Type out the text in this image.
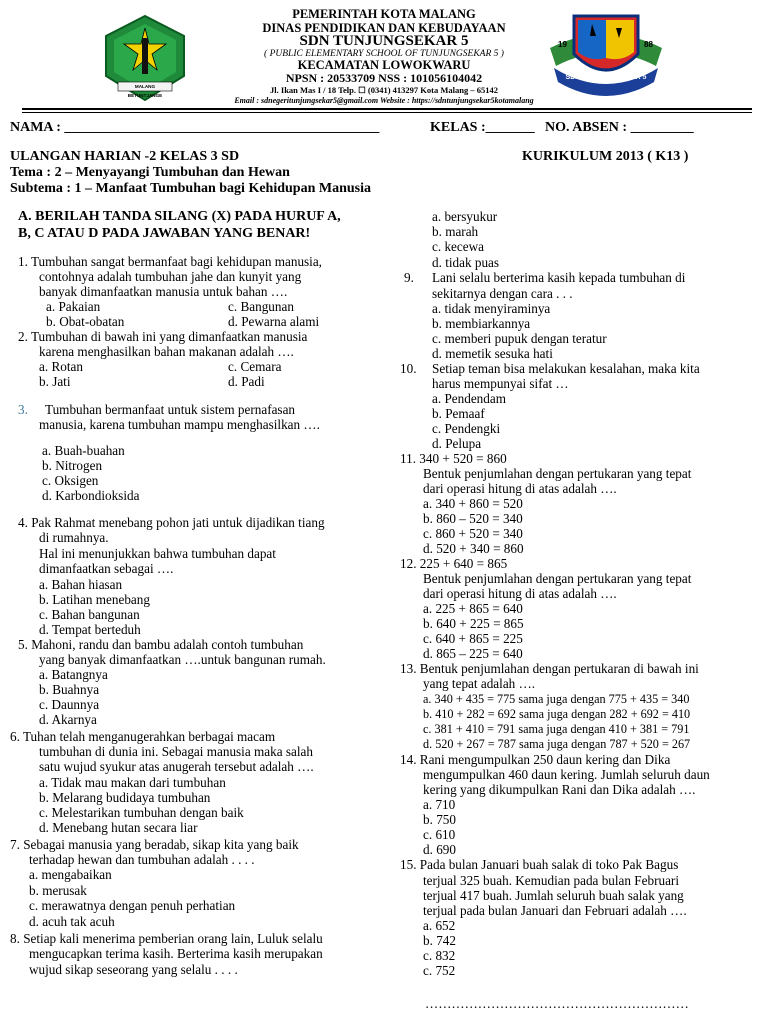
MALANG BETUNTJANGE
19	88
SDN TUNJUNGSEKAR 5
PEMERINTAH KOTA MALANG
DINAS PENDIDIKAN DAN KEBUDAYAAN
SDN TUNJUNGSEKAR 5
( PUBLIC ELEMENTARY SCHOOL OF TUNJUNGSEKAR 5 )
KECAMATAN LOWOKWARU
NPSN : 20533709 NSS : 101056104042
Jl. Ikan Mas I / 18 Telp. ☐ (0341) 413297 Kota Malang – 65142
Email : sdnegeritunjungsekar5@gmail.com Website : https://sdntunjungsekar5kotamalang
NAMA : _____________________________________________	KELAS :_______ NO. ABSEN : _________
ULANGAN HARIAN -2 KELAS 3 SD	KURIKULUM 2013 ( K13 )
Tema : 2 – Menyayangi Tumbuhan dan Hewan
Subtema : 1 – Manfaat Tumbuhan bagi Kehidupan Manusia
A. BERILAH TANDA SILANG (X) PADA HURUF A,
B, C ATAU D PADA JAWABAN YANG BENAR!
1. Tumbuhan sangat bermanfaat bagi kehidupan manusia,
contohnya adalah tumbuhan jahe dan kunyit yang
banyak dimanfaatkan manusia untuk bahan ….
a. Pakaian	c. Bangunan
b. Obat-obatan	d. Pewarna alami
2. Tumbuhan di bawah ini yang dimanfaatkan manusia
karena menghasilkan bahan makanan adalah ….
a. Rotan	c. Cemara
b. Jati	d. Padi
3. Tumbuhan bermanfaat untuk sistem pernafasan
manusia, karena tumbuhan mampu menghasilkan ….
a. Buah-buahan
b. Nitrogen
c. Oksigen
d. Karbondioksida
4. Pak Rahmat menebang pohon jati untuk dijadikan tiang
di rumahnya.
Hal ini menunjukkan bahwa tumbuhan dapat
dimanfaatkan sebagai ….
a. Bahan hiasan
b. Latihan menebang
c. Bahan bangunan
d. Tempat berteduh
5. Mahoni, randu dan bambu adalah contoh tumbuhan
yang banyak dimanfaatkan ….untuk bangunan rumah.
a. Batangnya
b. Buahnya
c. Daunnya
d. Akarnya
6. Tuhan telah menganugerahkan berbagai macam
tumbuhan di dunia ini. Sebagai manusia maka salah
satu wujud syukur atas anugerah tersebut adalah ….
a. Tidak mau makan dari tumbuhan
b. Melarang budidaya tumbuhan
c. Melestarikan tumbuhan dengan baik
d. Menebang hutan secara liar
7. Sebagai manusia yang beradab, sikap kita yang baik
terhadap hewan dan tumbuhan adalah . . . .
a. mengabaikan
b. merusak
c. merawatnya dengan penuh perhatian
d. acuh tak acuh
8. Setiap kali menerima pemberian orang lain, Luluk selalu
mengucapkan terima kasih. Berterima kasih merupakan
wujud sikap seseorang yang selalu . . . .
a. bersyukur
b. marah
c. kecewa
d. tidak puas
9. Lani selalu berterima kasih kepada tumbuhan di
sekitarnya dengan cara . . .
a. tidak menyiraminya
b. membiarkannya
c. memberi pupuk dengan teratur
d. memetik sesuka hati
10. Setiap teman bisa melakukan kesalahan, maka kita
harus mempunyai sifat …
a. Pendendam
b. Pemaaf
c. Pendengki
d. Pelupa
11. 340 + 520 = 860
Bentuk penjumlahan dengan pertukaran yang tepat
dari operasi hitung di atas adalah ….
a. 340 + 860 = 520
b. 860 – 520 = 340
c. 860 + 520 = 340
d. 520 + 340 = 860
12. 225 + 640 = 865
Bentuk penjumlahan dengan pertukaran yang tepat
dari operasi hitung di atas adalah ….
a. 225 + 865 = 640
b. 640 + 225 = 865
c. 640 + 865 = 225
d. 865 – 225 = 640
13. Bentuk penjumlahan dengan pertukaran di bawah ini
yang tepat adalah ….
a. 340 + 435 = 775 sama juga dengan 775 + 435 = 340
b. 410 + 282 = 692 sama juga dengan 282 + 692 = 410
c. 381 + 410 = 791 sama juga dengan 410 + 381 = 791
d. 520 + 267 = 787 sama juga dengan 787 + 520 = 267
14. Rani mengumpulkan 250 daun kering dan Dika
mengumpulkan 460 daun kering. Jumlah seluruh daun
kering yang dikumpulkan Rani dan Dika adalah ….
a. 710
b. 750
c. 610
d. 690
15. Pada bulan Januari buah salak di toko Pak Bagus
terjual 325 buah. Kemudian pada bulan Februari
terjual 417 buah. Jumlah seluruh buah salak yang
terjual pada bulan Januari dan Februari adalah ….
a. 652
b. 742
c. 832
c. 752
……………………………………………………
